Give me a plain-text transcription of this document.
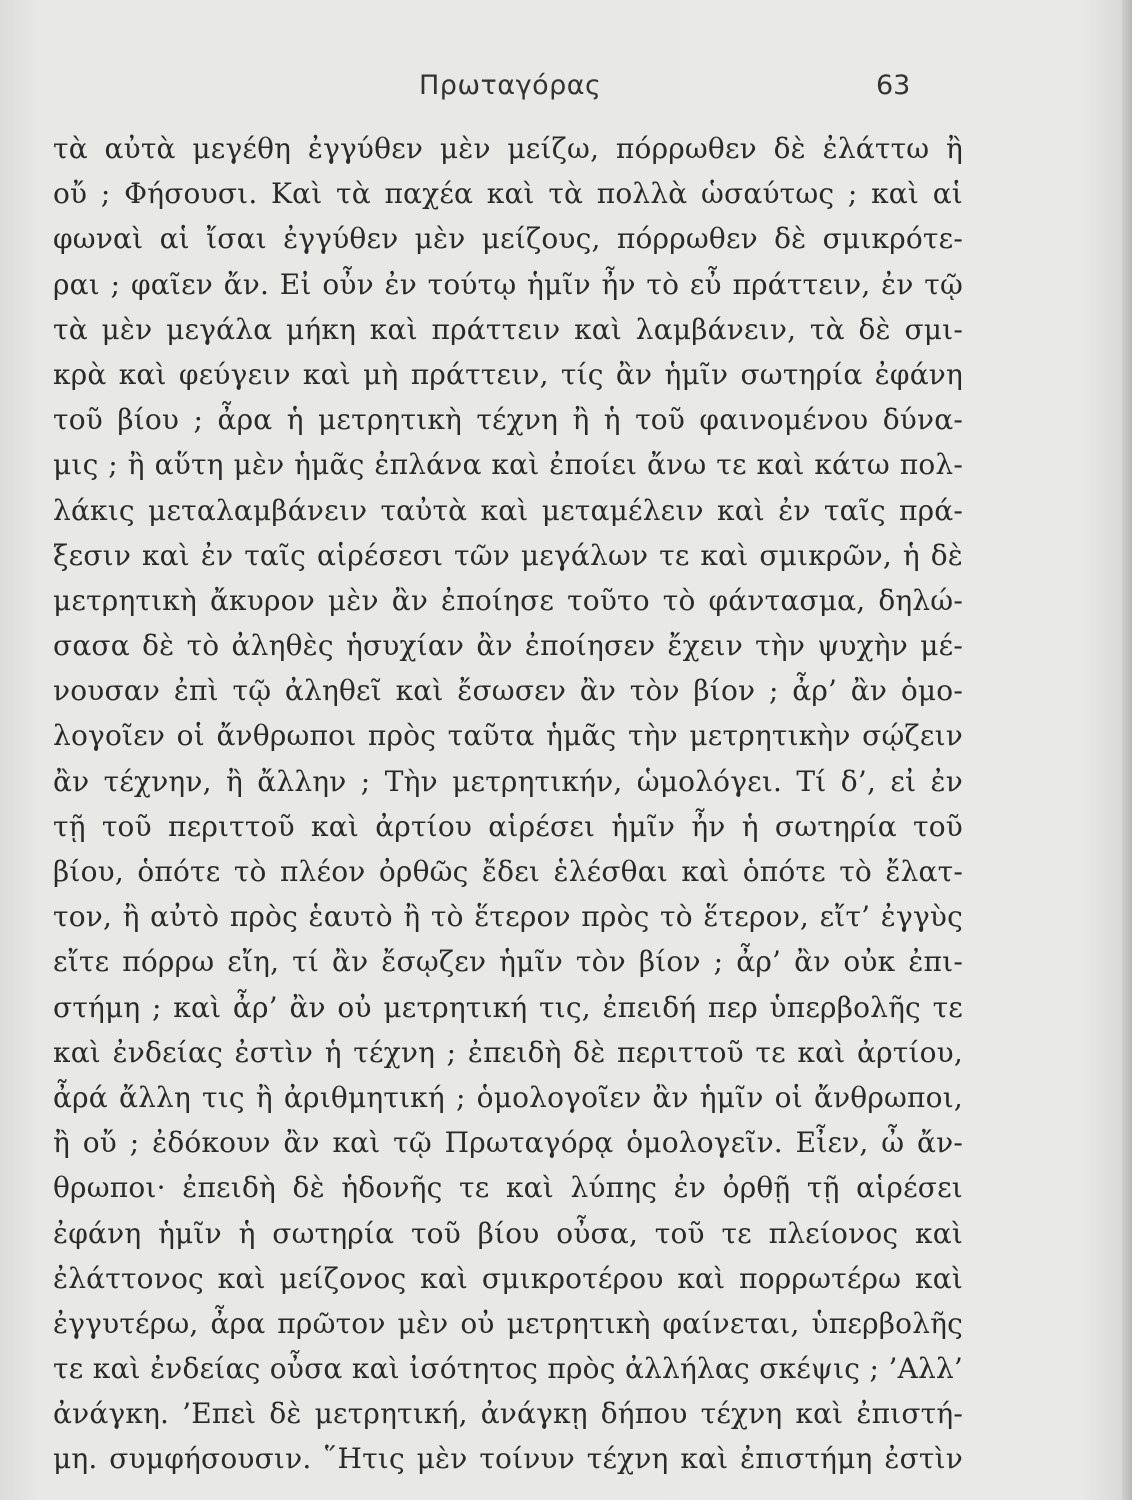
Πρωταγόρας	63
τὰ αὐτὰ μεγέθη ἐγγύθεν μὲν μείζω, πόρρωθεν δὲ ἐλάττω ἢ
οὔ ; Φήσουσι. Καὶ τὰ παχέα καὶ τὰ πολλὰ ὡσαύτως ; καὶ αἱ
φωναὶ αἱ ἴσαι ἐγγύθεν μὲν μείζους, πόρρωθεν δὲ σμικρότε-
ραι ; φαῖεν ἄν. Εἰ οὖν ἐν τούτῳ ἡμῖν ἦν τὸ εὖ πράττειν, ἐν τῷ
τὰ μὲν μεγάλα μήκη καὶ πράττειν καὶ λαμβάνειν, τὰ δὲ σμι-
κρὰ καὶ φεύγειν καὶ μὴ πράττειν, τίς ἂν ἡμῖν σωτηρία ἐφάνη
τοῦ βίου ; ἆρα ἡ μετρητικὴ τέχνη ἢ ἡ τοῦ φαινομένου δύνα-
μις ; ἢ αὕτη μὲν ἡμᾶς ἐπλάνα καὶ ἐποίει ἄνω τε καὶ κάτω πολ-
λάκις μεταλαμβάνειν ταὐτὰ καὶ μεταμέλειν καὶ ἐν ταῖς πρά-
ξεσιν καὶ ἐν ταῖς αἱρέσεσι τῶν μεγάλων τε καὶ σμικρῶν, ἡ δὲ
μετρητικὴ ἄκυρον μὲν ἂν ἐποίησε τοῦτο τὸ φάντασμα, δηλώ-
σασα δὲ τὸ ἀληθὲς ἡσυχίαν ἂν ἐποίησεν ἔχειν τὴν ψυχὴν μέ-
νουσαν ἐπὶ τῷ ἀληθεῖ καὶ ἔσωσεν ἂν τὸν βίον ; ἆρ’ ἂν ὁμο-
λογοῖεν οἱ ἄνθρωποι πρὸς ταῦτα ἡμᾶς τὴν μετρητικὴν σῴζειν
ἂν τέχνην, ἢ ἄλλην ; Τὴν μετρητικήν, ὡμολόγει. Τί δ’, εἰ ἐν
τῇ τοῦ περιττοῦ καὶ ἀρτίου αἱρέσει ἡμῖν ἦν ἡ σωτηρία τοῦ
βίου, ὁπότε τὸ πλέον ὀρθῶς ἔδει ἑλέσθαι καὶ ὁπότε τὸ ἔλατ-
τον, ἢ αὐτὸ πρὸς ἑαυτὸ ἢ τὸ ἕτερον πρὸς τὸ ἕτερον, εἴτ’ ἐγγὺς
εἴτε πόρρω εἴη, τί ἂν ἔσῳζεν ἡμῖν τὸν βίον ; ἆρ’ ἂν οὐκ ἐπι-
στήμη ; καὶ ἆρ’ ἂν οὐ μετρητική τις, ἐπειδή περ ὑπερβολῆς τε
καὶ ἐνδείας ἐστὶν ἡ τέχνη ; ἐπειδὴ δὲ περιττοῦ τε καὶ ἀρτίου,
ἆρά ἄλλη τις ἢ ἀριθμητική ; ὁμολογοῖεν ἂν ἡμῖν οἱ ἄνθρωποι,
ἢ οὔ ; ἐδόκουν ἂν καὶ τῷ Πρωταγόρᾳ ὁμολογεῖν. Εἶεν, ὦ ἄν-
θρωποι· ἐπειδὴ δὲ ἡδονῆς τε καὶ λύπης ἐν ὀρθῇ τῇ αἱρέσει
ἐφάνη ἡμῖν ἡ σωτηρία τοῦ βίου οὖσα, τοῦ τε πλείονος καὶ
ἐλάττονος καὶ μείζονος καὶ σμικροτέρου καὶ πορρωτέρω καὶ
ἐγγυτέρω, ἆρα πρῶτον μὲν οὐ μετρητικὴ φαίνεται, ὑπερβολῆς
τε καὶ ἐνδείας οὖσα καὶ ἰσότητος πρὸς ἀλλήλας σκέψις ; ’Αλλ’
ἀνάγκη. ’Επεὶ δὲ μετρητική, ἀνάγκῃ δήπου τέχνη καὶ ἐπιστή-
μη. συμφήσουσιν. ῞Ητις μὲν τοίνυν τέχνη καὶ ἐπιστήμη ἐστὶν
